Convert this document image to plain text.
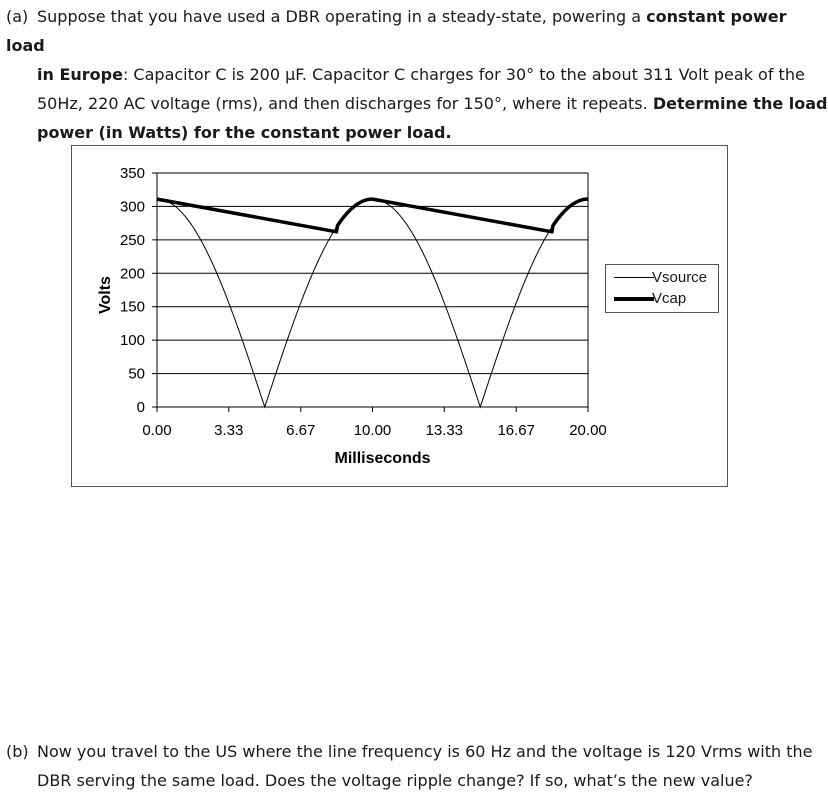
(a) Suppose that you have used a DBR operating in a steady-state, powering a constant power load
in Europe: Capacitor C is 200 μF. Capacitor C charges for 30° to the about 311 Volt peak of the
50Hz, 220 AC voltage (rms), and then discharges for 150°, where it repeats. Determine the load
power (in Watts) for the constant power load.
0
50
100
150
200
250
300
350
0.00	3.33	6.67	10.00 13.33 16.67 20.00
Milliseconds
Volts	Vsource
Vcap
(b) Now you travel to the US where the line frequency is 60 Hz and the voltage is 120 Vrms with the
DBR serving the same load. Does the voltage ripple change? If so, what’s the new value?
